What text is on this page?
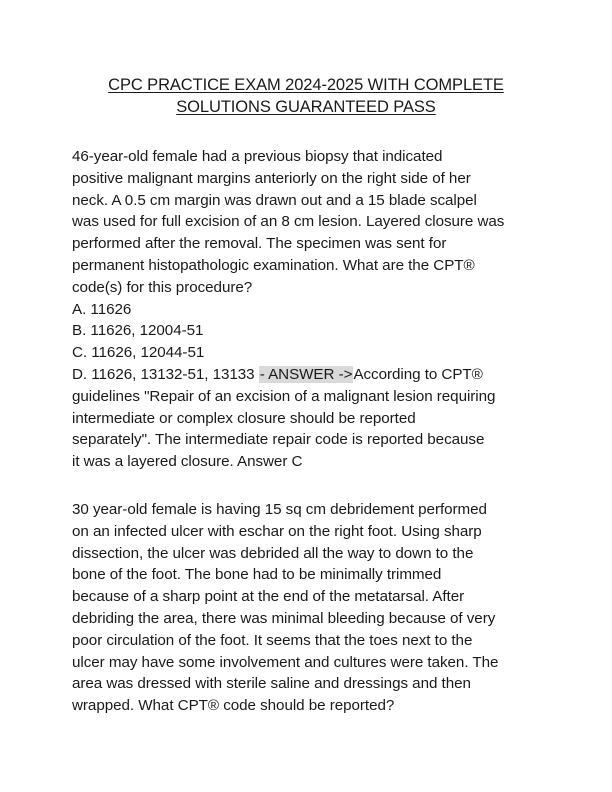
CPC PRACTICE EXAM 2024-2025 WITH COMPLETE
SOLUTIONS GUARANTEED PASS
46-year-old female had a previous biopsy that indicated
positive malignant margins anteriorly on the right side of her
neck. A 0.5 cm margin was drawn out and a 15 blade scalpel
was used for full excision of an 8 cm lesion. Layered closure was
performed after the removal. The specimen was sent for
permanent histopathologic examination. What are the CPT®
code(s) for this procedure?
A. 11626
B. 11626, 12004-51
C. 11626, 12044-51
D. 11626, 13132-51, 13133 - ANSWER ->According to CPT®
guidelines "Repair of an excision of a malignant lesion requiring
intermediate or complex closure should be reported
separately". The intermediate repair code is reported because
it was a layered closure. Answer C
30 year-old female is having 15 sq cm debridement performed
on an infected ulcer with eschar on the right foot. Using sharp
dissection, the ulcer was debrided all the way to down to the
bone of the foot. The bone had to be minimally trimmed
because of a sharp point at the end of the metatarsal. After
debriding the area, there was minimal bleeding because of very
poor circulation of the foot. It seems that the toes next to the
ulcer may have some involvement and cultures were taken. The
area was dressed with sterile saline and dressings and then
wrapped. What CPT® code should be reported?
